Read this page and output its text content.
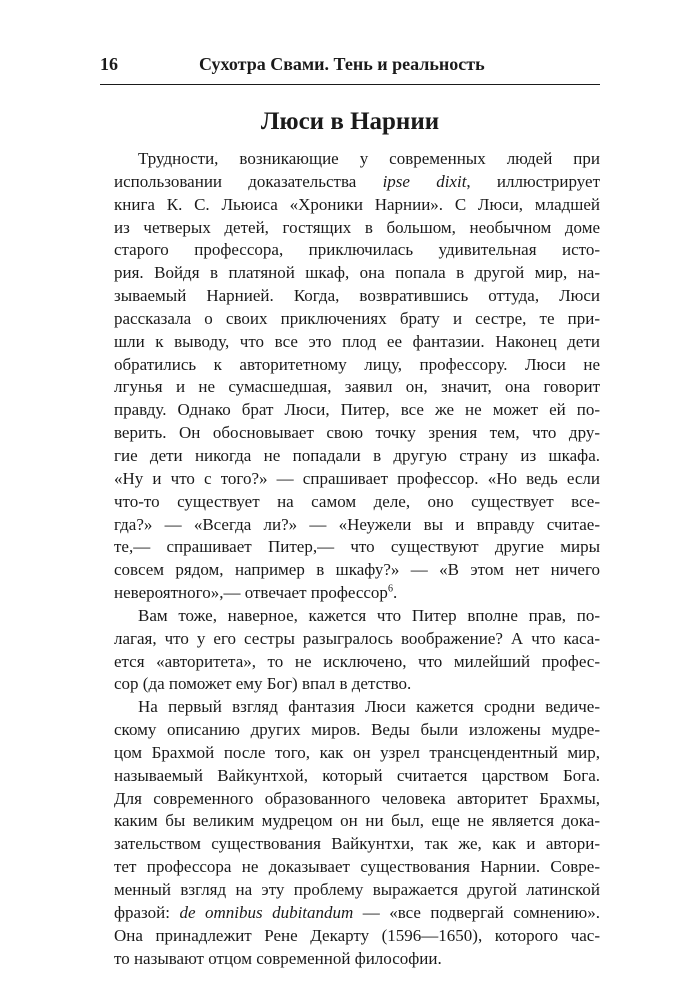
16	Сухотра Свами. Тень и реальность
Люси в Нарнии

Трудности, возникающие у современных людей при
использовании доказательства ipse dixit, иллюстрирует
книга К. С. Льюиса «Хроники Нарнии». С Люси, младшей
из четверых детей, гостящих в большом, необычном доме
старого профессора, приключилась удивительная исто-
рия. Войдя в платяной шкаф, она попала в другой мир, на-
зываемый Нарнией. Когда, возвратившись оттуда, Люси
рассказала о своих приключениях брату и сестре, те при-
шли к выводу, что все это плод ее фантазии. Наконец дети
обратились к авторитетному лицу, профессору. Люси не
лгунья и не сумасшедшая, заявил он, значит, она говорит
правду. Однако брат Люси, Питер, все же не может ей по-
верить. Он обосновывает свою точку зрения тем, что дру-
гие дети никогда не попадали в другую страну из шкафа.
«Ну и что с того?» — спрашивает профессор. «Но ведь если
что-то существует на самом деле, оно существует все-
гда?» — «Всегда ли?» — «Неужели вы и вправду считае-
те,— спрашивает Питер,— что существуют другие миры
совсем рядом, например в шкафу?» — «В этом нет ничего
невероятного»,— отвечает профессор$^6$.

Вам тоже, наверное, кажется что Питер вполне прав, по-
лагая, что у его сестры разыгралось воображение? А что каса-
ется «авторитета», то не исключено, что милейший профес-
сор (да поможет ему Бог) впал в детство.

На первый взгляд фантазия Люси кажется сродни ведиче-
скому описанию других миров. Веды были изложены мудре-
цом Брахмой после того, как он узрел трансцендентный мир,
называемый Вайкунтхой, который считается царством Бога.
Для современного образованного человека авторитет Брахмы,
каким бы великим мудрецом он ни был, еще не является дока-
зательством существования Вайкунтхи, так же, как и автори-
тет профессора не доказывает существования Нарнии. Совре-
менный взгляд на эту проблему выражается другой латинской
фразой: de omnibus dubitandum — «все подвергай сомнению».
Она принадлежит Рене Декарту (1596—1650), которого час-
то называют отцом современной философии.
